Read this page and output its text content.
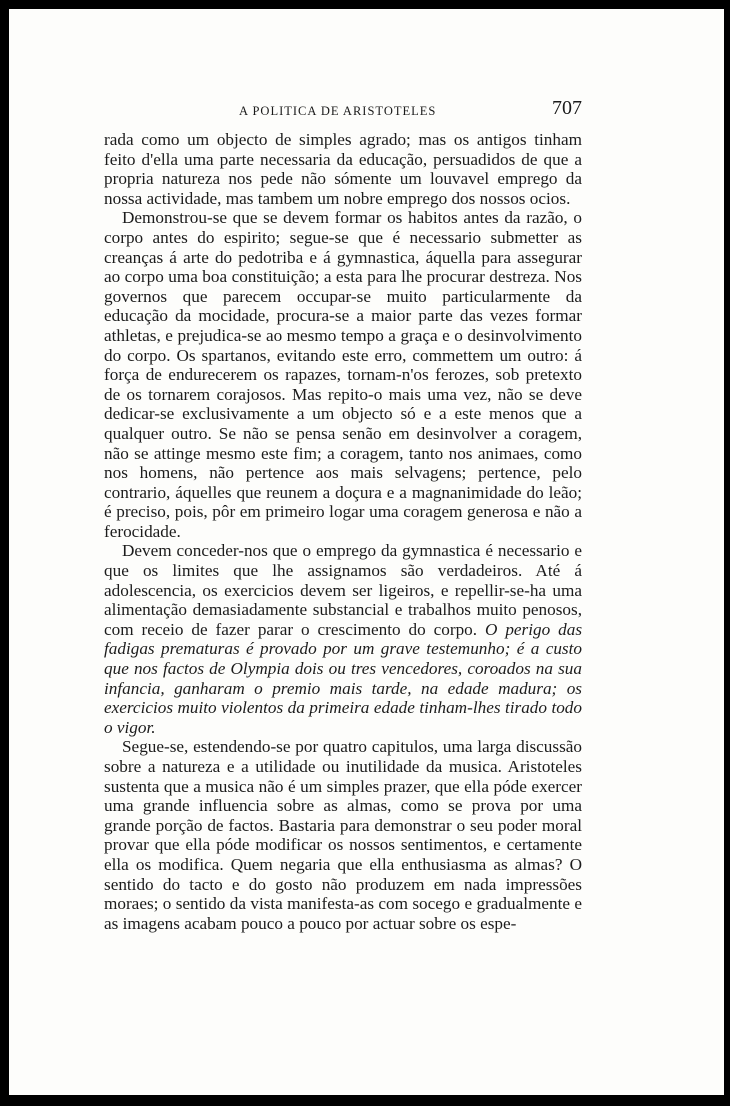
A POLITICA DE ARISTOTELES	707

rada como um objecto de simples agrado; mas os antigos tinham feito d'ella uma parte necessaria da educação, persuadidos de que a propria natureza nos pede não sómente um louvavel emprego da nossa actividade, mas tambem um nobre emprego dos nossos ocios.

Demonstrou-se que se devem formar os habitos antes da razão, o corpo antes do espirito; segue-se que é necessario submetter as creanças á arte do pedotriba e á gymnastica, áquella para assegurar ao corpo uma boa constituição; a esta para lhe procurar destreza. Nos governos que parecem occupar-se muito particularmente da educação da mocidade, procura-se a maior parte das vezes formar athletas, e prejudica-se ao mesmo tempo a graça e o desinvolvimento do corpo. Os spartanos, evitando este erro, commettem um outro: á força de endurecerem os rapazes, tornam-n'os ferozes, sob pretexto de os tornarem corajosos. Mas repito-o mais uma vez, não se deve dedicar-se exclusivamente a um objecto só e a este menos que a qualquer outro. Se não se pensa senão em desinvolver a coragem, não se attinge mesmo este fim; a coragem, tanto nos animaes, como nos homens, não pertence aos mais selvagens; pertence, pelo contrario, áquelles que reunem a doçura e a magnanimidade do leão; é preciso, pois, pôr em primeiro logar uma coragem generosa e não a ferocidade.

Devem conceder-nos que o emprego da gymnastica é necessario e que os limites que lhe assignamos são verdadeiros. Até á adolescencia, os exercicios devem ser ligeiros, e repellir-se-ha uma alimentação demasiadamente substancial e trabalhos muito penosos, com receio de fazer parar o crescimento do corpo. O perigo das fadigas prematuras é provado por um grave testemunho; é a custo que nos factos de Olympia dois ou tres vencedores, coroados na sua infancia, ganharam o premio mais tarde, na edade madura; os exercicios muito violentos da primeira edade tinham-lhes tirado todo o vigor.

Segue-se, estendendo-se por quatro capitulos, uma larga discussão sobre a natureza e a utilidade ou inutilidade da musica. Aristoteles sustenta que a musica não é um simples prazer, que ella póde exercer uma grande influencia sobre as almas, como se prova por uma grande porção de factos. Bastaria para demonstrar o seu poder moral provar que ella póde modificar os nossos sentimentos, e certamente ella os modifica. Quem negaria que ella enthusiasma as almas? O sentido do tacto e do gosto não produzem em nada impressões moraes; o sentido da vista manifesta-as com socego e gradualmente e as imagens acabam pouco a pouco por actuar sobre os espe-
